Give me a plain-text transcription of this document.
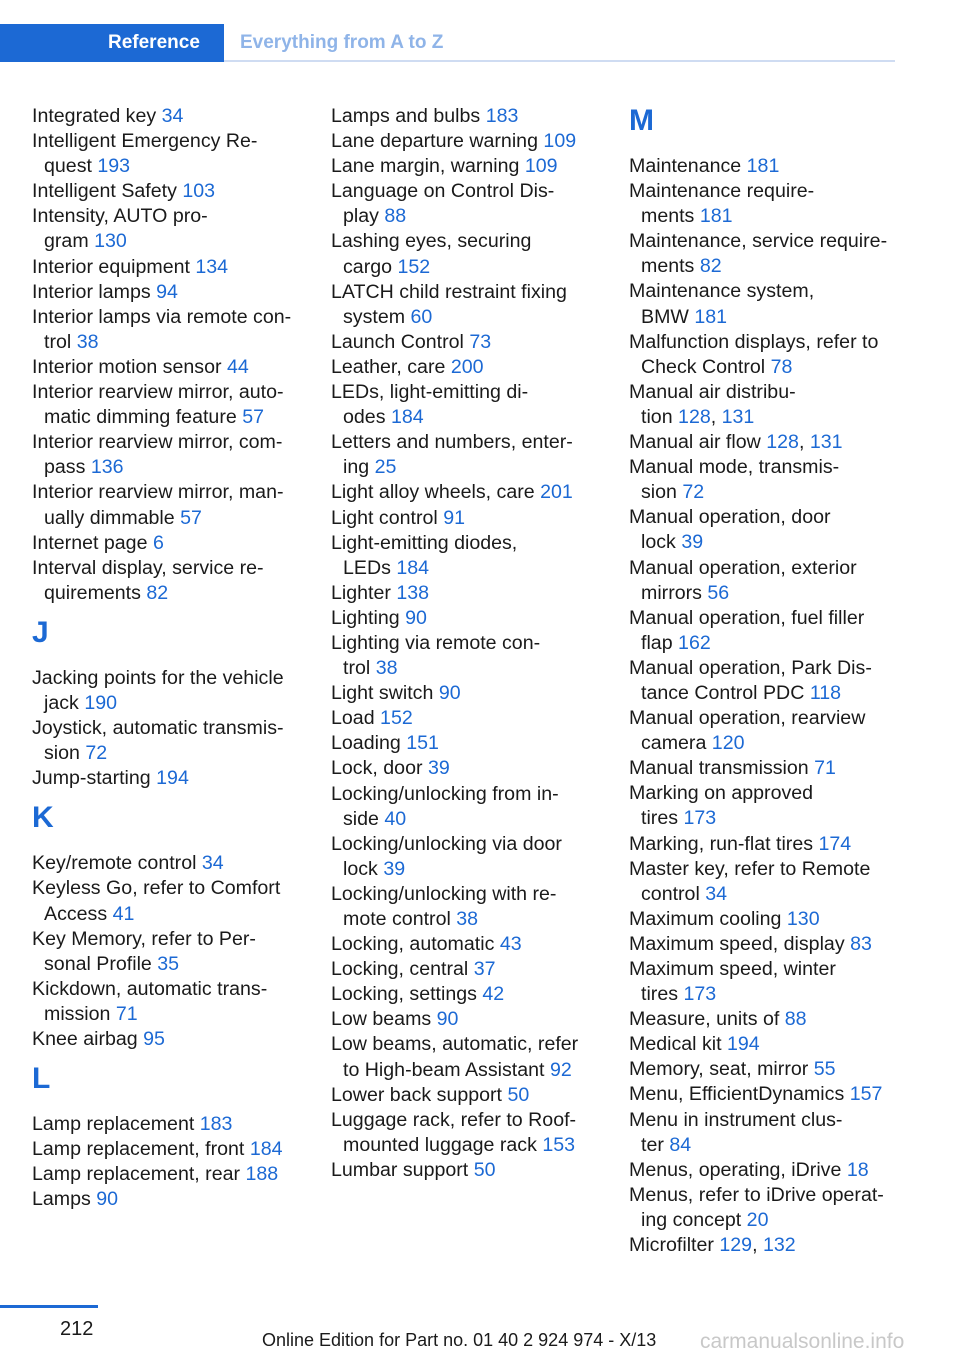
Reference	Everything from A to Z
Integrated key 34
Intelligent Emergency Re-
quest 193
Intelligent Safety 103
Intensity, AUTO pro-
gram 130
Interior equipment 134
Interior lamps 94
Interior lamps via remote con-
trol 38
Interior motion sensor 44
Interior rearview mirror, auto-
matic dimming feature 57
Interior rearview mirror, com-
pass 136
Interior rearview mirror, man-
ually dimmable 57
Internet page 6
Interval display, service re-
quirements 82
J
Jacking points for the vehicle
jack 190
Joystick, automatic transmis-
sion 72
Jump-starting 194
K
Key/remote control 34
Keyless Go, refer to Comfort
Access 41
Key Memory, refer to Per-
sonal Profile 35
Kickdown, automatic trans-
mission 71
Knee airbag 95
L
Lamp replacement 183
Lamp replacement, front 184
Lamp replacement, rear 188
Lamps 90
Lamps and bulbs 183
Lane departure warning 109
Lane margin, warning 109
Language on Control Dis-
play 88
Lashing eyes, securing
cargo 152
LATCH child restraint fixing
system 60
Launch Control 73
Leather, care 200
LEDs, light-emitting di-
odes 184
Letters and numbers, enter-
ing 25
Light alloy wheels, care 201
Light control 91
Light-emitting diodes,
LEDs 184
Lighter 138
Lighting 90
Lighting via remote con-
trol 38
Light switch 90
Load 152
Loading 151
Lock, door 39
Locking/unlocking from in-
side 40
Locking/unlocking via door
lock 39
Locking/unlocking with re-
mote control 38
Locking, automatic 43
Locking, central 37
Locking, settings 42
Low beams 90
Low beams, automatic, refer
to High-beam Assistant 92
Lower back support 50
Luggage rack, refer to Roof-
mounted luggage rack 153
Lumbar support 50
M
Maintenance 181
Maintenance require-
ments 181
Maintenance, service require-
ments 82
Maintenance system,
BMW 181
Malfunction displays, refer to
Check Control 78
Manual air distribu-
tion 128, 131
Manual air flow 128, 131
Manual mode, transmis-
sion 72
Manual operation, door
lock 39
Manual operation, exterior
mirrors 56
Manual operation, fuel filler
flap 162
Manual operation, Park Dis-
tance Control PDC 118
Manual operation, rearview
camera 120
Manual transmission 71
Marking on approved
tires 173
Marking, run-flat tires 174
Master key, refer to Remote
control 34
Maximum cooling 130
Maximum speed, display 83
Maximum speed, winter
tires 173
Measure, units of 88
Medical kit 194
Memory, seat, mirror 55
Menu, EfficientDynamics 157
Menu in instrument clus-
ter 84
Menus, operating, iDrive 18
Menus, refer to iDrive operat-
ing concept 20
Microfilter 129, 132
212	Online Edition for Part no. 01 40 2 924 974 - X/13 carmanualsonline.info
